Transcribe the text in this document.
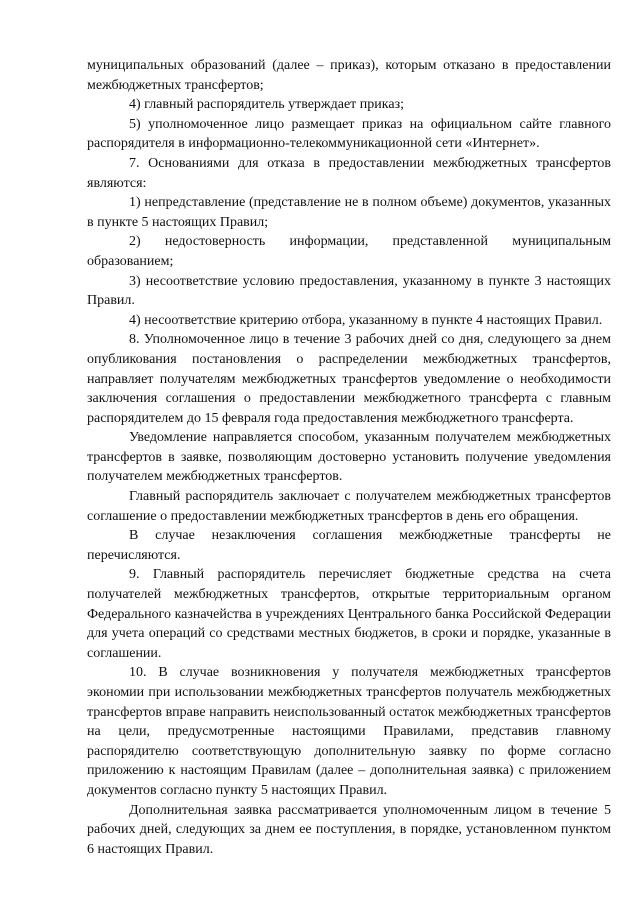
муниципальных образований (далее – приказ), которым отказано в предоставлении межбюджетных трансфертов;

4) главный распорядитель утверждает приказ;

5) уполномоченное лицо размещает приказ на официальном сайте главного распорядителя в информационно-телекоммуникационной сети «Интернет».

7. Основаниями для отказа в предоставлении межбюджетных трансфертов являются:

1) непредставление (представление не в полном объеме) документов, указанных в пункте 5 настоящих Правил;

2) недостоверность информации, представленной муниципальным образованием;

3) несоответствие условию предоставления, указанному в пункте 3 настоящих Правил.

4) несоответствие критерию отбора, указанному в пункте 4 настоящих Правил.

8. Уполномоченное лицо в течение 3 рабочих дней со дня, следующего за днем опубликования постановления о распределении межбюджетных трансфертов, направляет получателям межбюджетных трансфертов уведомление о необходимости заключения соглашения о предоставлении межбюджетного трансферта с главным распорядителем до 15 февраля года предоставления межбюджетного трансферта.

Уведомление направляется способом, указанным получателем межбюджетных трансфертов в заявке, позволяющим достоверно установить получение уведомления получателем межбюджетных трансфертов.

Главный распорядитель заключает с получателем межбюджетных трансфертов соглашение о предоставлении межбюджетных трансфертов в день его обращения.

В случае незаключения соглашения межбюджетные трансферты не перечисляются.

9. Главный распорядитель перечисляет бюджетные средства на счета получателей межбюджетных трансфертов, открытые территориальным органом Федерального казначейства в учреждениях Центрального банка Российской Федерации для учета операций со средствами местных бюджетов, в сроки и порядке, указанные в соглашении.

10. В случае возникновения у получателя межбюджетных трансфертов экономии при использовании межбюджетных трансфертов получатель межбюджетных трансфертов вправе направить неиспользованный остаток межбюджетных трансфертов на цели, предусмотренные настоящими Правилами, представив главному распорядителю соответствующую дополнительную заявку по форме согласно приложению к настоящим Правилам (далее – дополнительная заявка) с приложением документов согласно пункту 5 настоящих Правил.

Дополнительная заявка рассматривается уполномоченным лицом в течение 5 рабочих дней, следующих за днем ее поступления, в порядке, установленном пунктом 6 настоящих Правил.
